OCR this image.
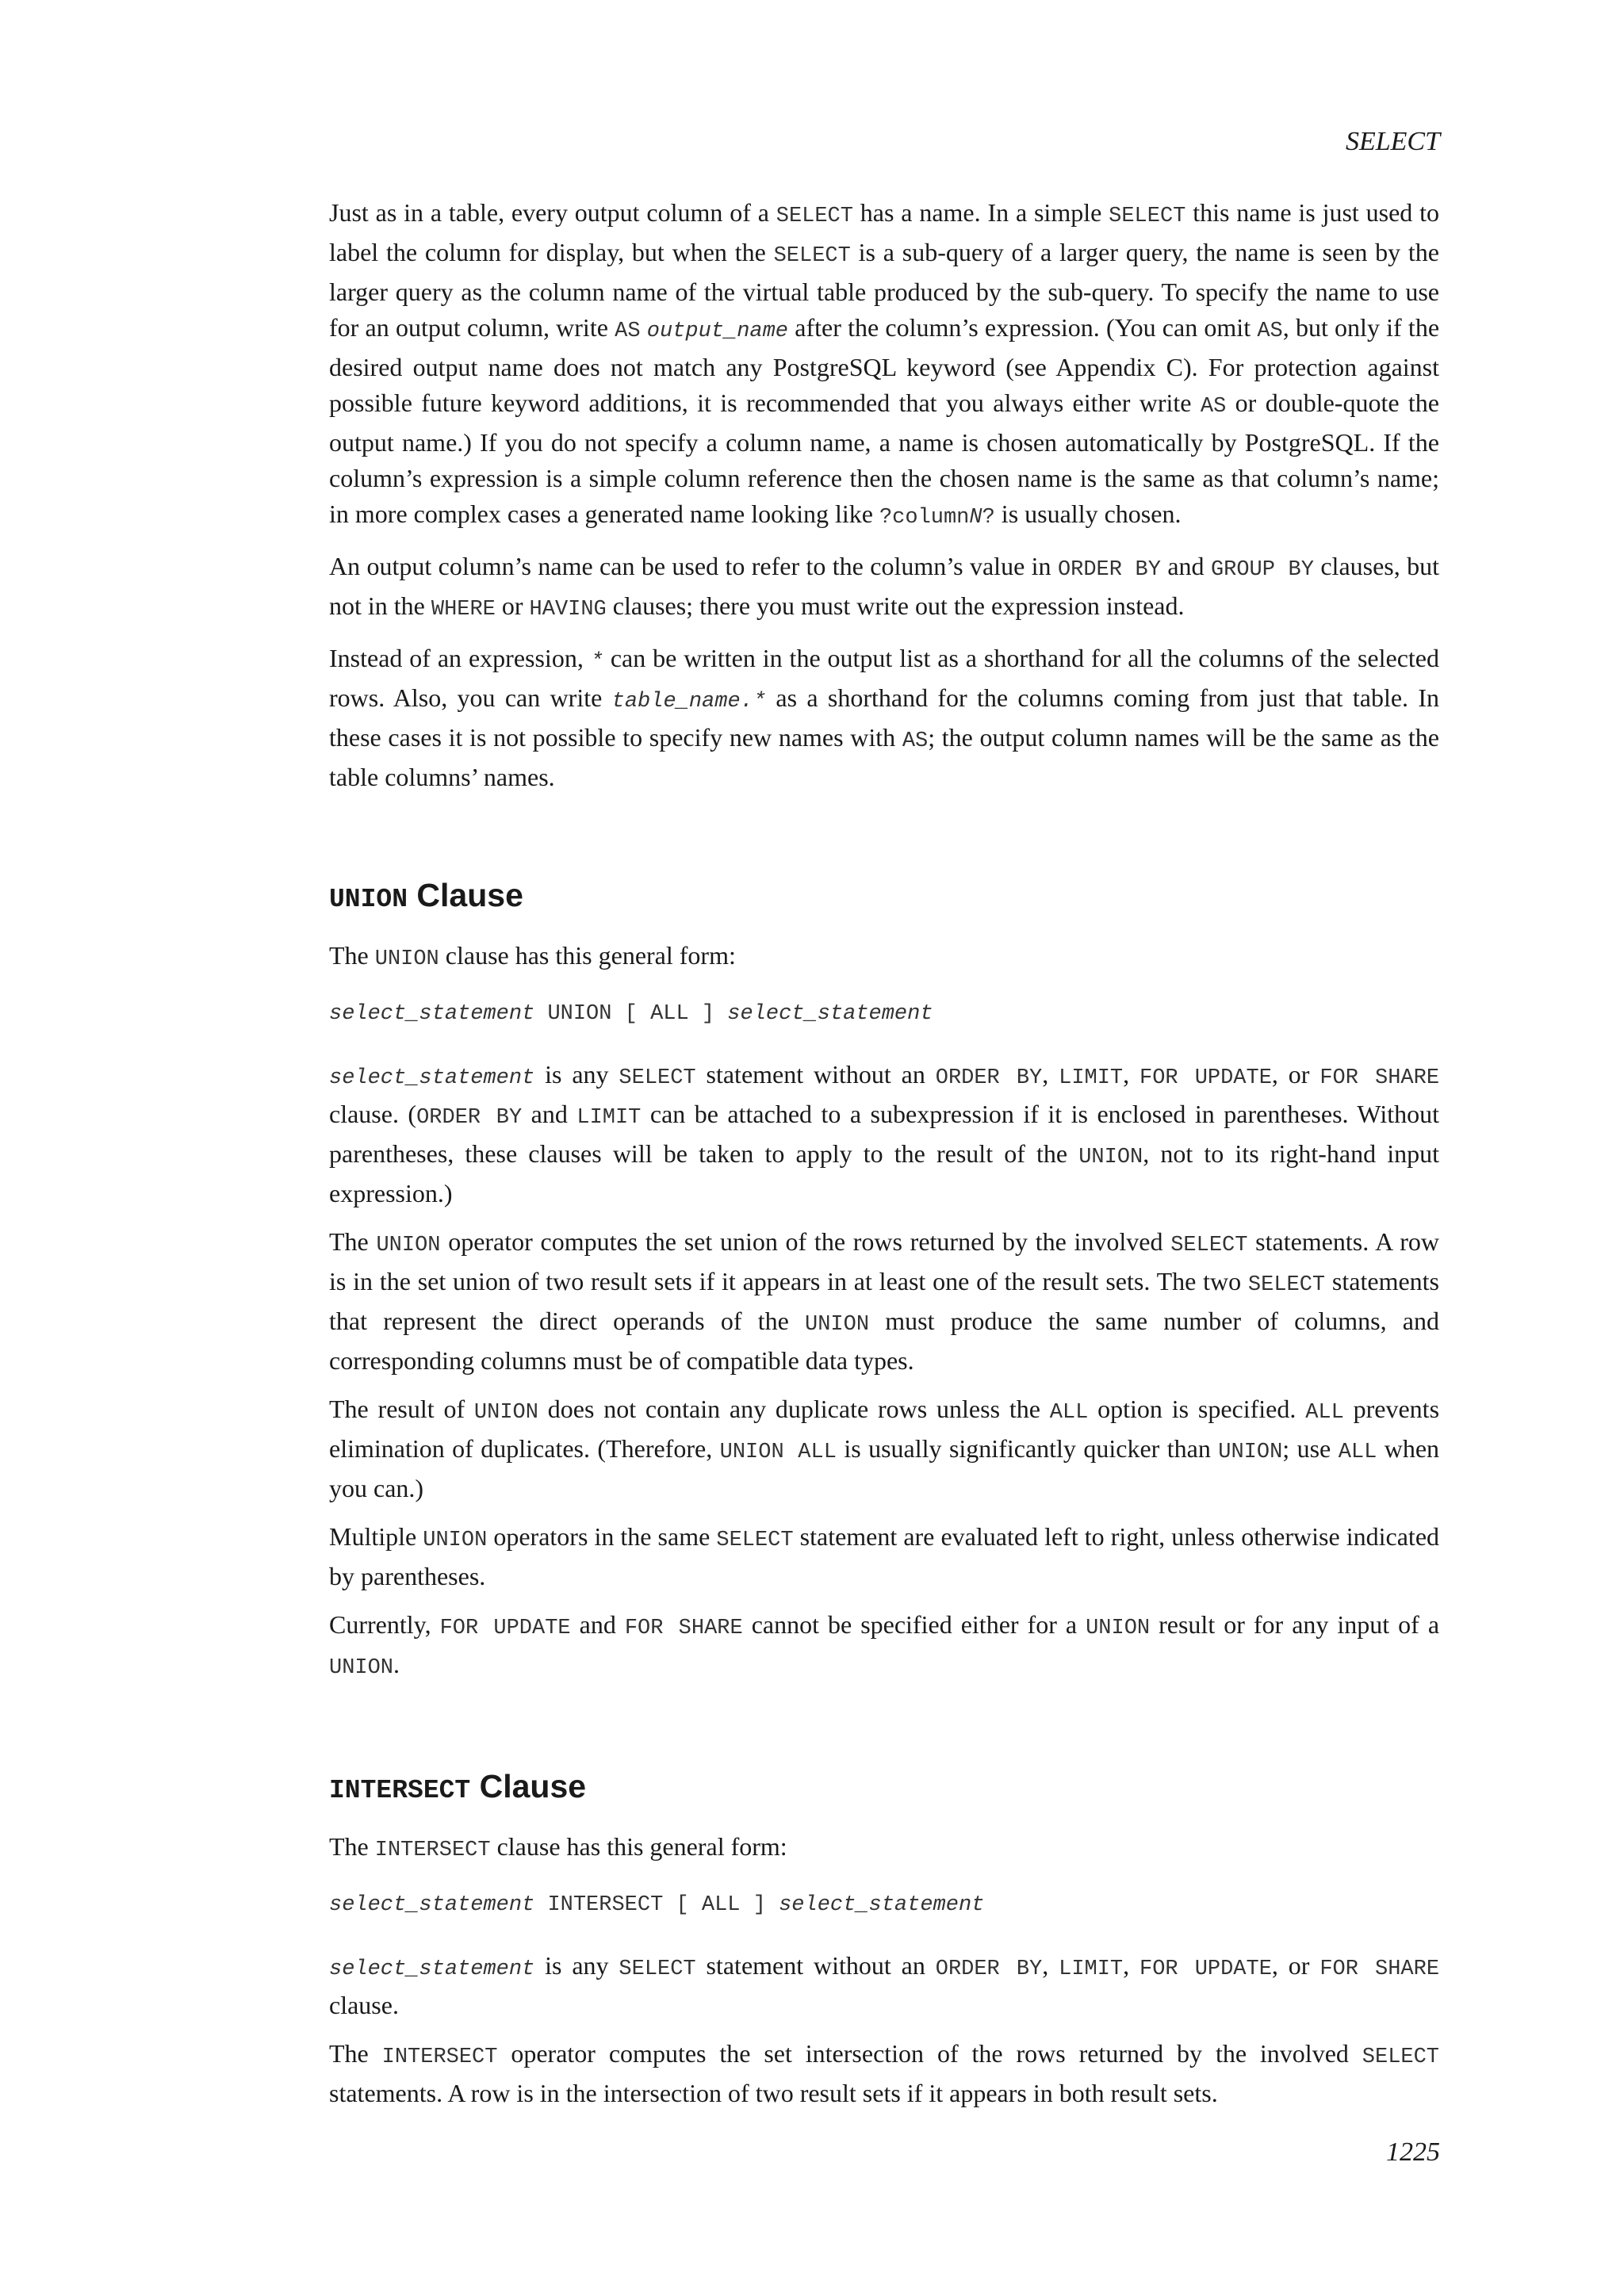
SELECT

Just as in a table, every output column of a SELECT has a name. In a simple SELECT this name is just used to label the column for display, but when the SELECT is a sub-query of a larger query, the name is seen by the larger query as the column name of the virtual table produced by the sub-query. To specify the name to use for an output column, write AS output_name after the column’s expression. (You can omit AS, but only if the desired output name does not match any PostgreSQL keyword (see Appendix C). For protection against possible future keyword additions, it is recommended that you always either write AS or double-quote the output name.) If you do not specify a column name, a name is chosen automatically by PostgreSQL. If the column’s expression is a simple column reference then the chosen name is the same as that column’s name; in more complex cases a generated name looking like ?columnN? is usually chosen.

An output column’s name can be used to refer to the column’s value in ORDER BY and GROUP BY clauses, but not in the WHERE or HAVING clauses; there you must write out the expression instead.

Instead of an expression, * can be written in the output list as a shorthand for all the columns of the selected rows. Also, you can write table_name.* as a shorthand for the columns coming from just that table. In these cases it is not possible to specify new names with AS; the output column names will be the same as the table columns’ names.

UNION Clause

The UNION clause has this general form:

select_statement UNION [ ALL ] select_statement

select_statement is any SELECT statement without an ORDER BY, LIMIT, FOR UPDATE, or FOR SHARE clause. (ORDER BY and LIMIT can be attached to a subexpression if it is enclosed in parentheses. Without parentheses, these clauses will be taken to apply to the result of the UNION, not to its right-hand input expression.)

The UNION operator computes the set union of the rows returned by the involved SELECT statements. A row is in the set union of two result sets if it appears in at least one of the result sets. The two SELECT statements that represent the direct operands of the UNION must produce the same number of columns, and corresponding columns must be of compatible data types.

The result of UNION does not contain any duplicate rows unless the ALL option is specified. ALL prevents elimination of duplicates. (Therefore, UNION ALL is usually significantly quicker than UNION; use ALL when you can.)

Multiple UNION operators in the same SELECT statement are evaluated left to right, unless otherwise indicated by parentheses.

Currently, FOR UPDATE and FOR SHARE cannot be specified either for a UNION result or for any input of a UNION.

INTERSECT Clause

The INTERSECT clause has this general form:

select_statement INTERSECT [ ALL ] select_statement

select_statement is any SELECT statement without an ORDER BY, LIMIT, FOR UPDATE, or FOR SHARE clause.

The INTERSECT operator computes the set intersection of the rows returned by the involved SELECT statements. A row is in the intersection of two result sets if it appears in both result sets.

1225
